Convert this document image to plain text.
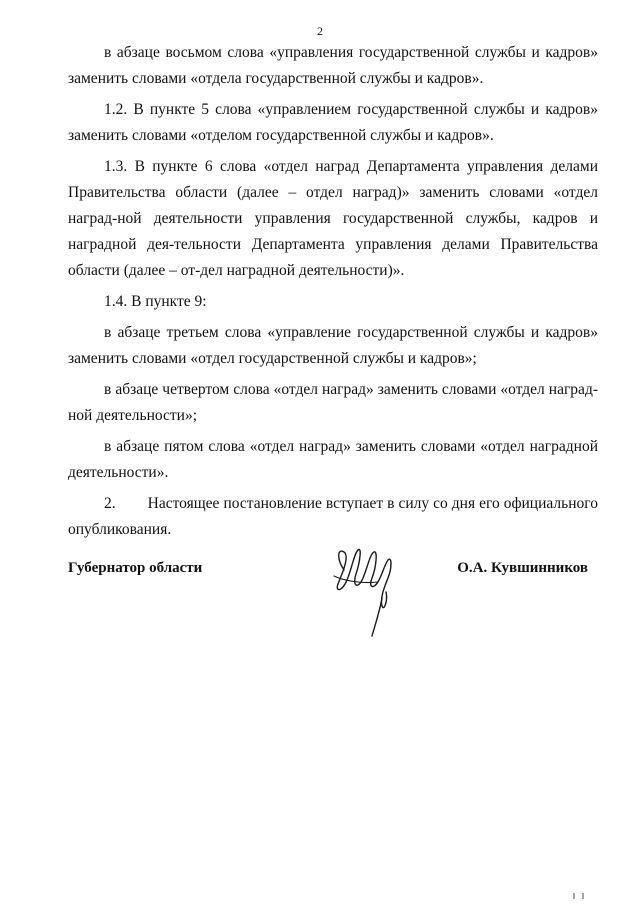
2

в абзаце восьмом слова «управления государственной службы и кадров» заменить словами «отдела государственной службы и кадров».

1.2. В пункте 5 слова «управлением государственной службы и кадров» заменить словами «отделом государственной службы и кадров».

1.3. В пункте 6 слова «отдел наград Департамента управления делами Правительства области (далее – отдел наград)» заменить словами «отдел наград-ной деятельности управления государственной службы, кадров и наградной дея-тельности Департамента управления делами Правительства области (далее – от-дел наградной деятельности)».

1.4. В пункте 9:

в абзаце третьем слова «управление государственной службы и кадров» заменить словами «отдел государственной службы и кадров»;

в абзаце четвертом слова «отдел наград» заменить словами «отдел наград-ной деятельности»;

в абзаце пятом слова «отдел наград» заменить словами «отдел наградной деятельности».

2. Настоящее постановление вступает в силу со дня его официального опубликования.

Губернатор области	О.А. Кувшинников
